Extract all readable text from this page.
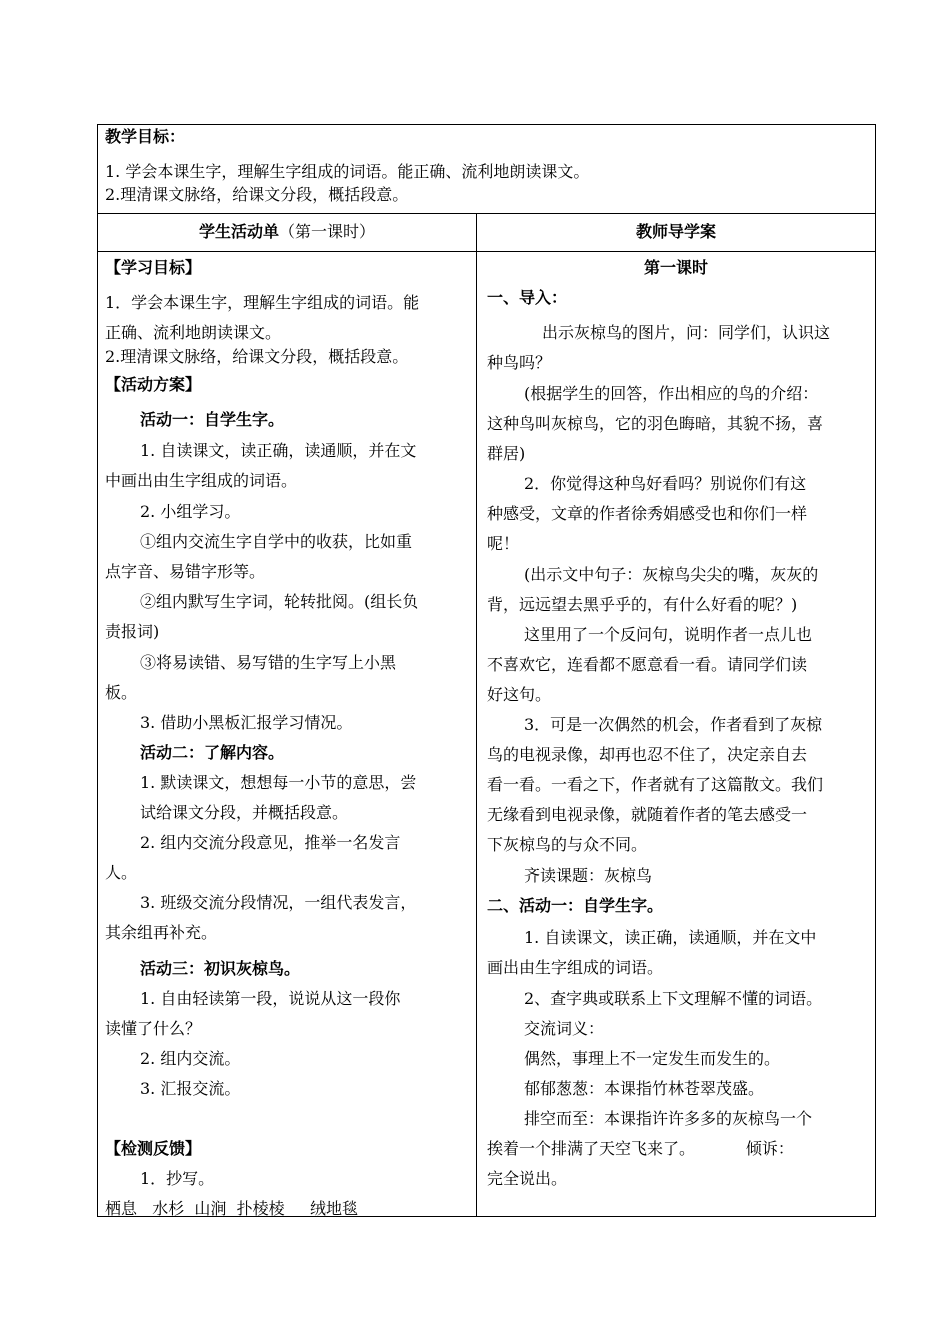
教学目标：
1. 学会本课生字，理解生字组成的词语。能正确、流利地朗读课文。
2.理清课文脉络，给课文分段，概括段意。
学生活动单（第一课时）	教师导学案
【学习目标】
1．学会本课生字，理解生字组成的词语。能
正确、流利地朗读课文。
2.理清课文脉络，给课文分段，概括段意。
【活动方案】
活动一：自学生字。
1. 自读课文，读正确，读通顺，并在文
中画出由生字组成的词语。
2. 小组学习。
①组内交流生字自学中的收获，比如重
点字音、易错字形等。
②组内默写生字词，轮转批阅。(组长负
责报词)
③将易读错、易写错的生字写上小黑
板。
3. 借助小黑板汇报学习情况。
活动二：了解内容。
1. 默读课文，想想每一小节的意思，尝
试给课文分段，并概括段意。
2. 组内交流分段意见，推举一名发言
人。
3. 班级交流分段情况，一组代表发言，
其余组再补充。
活动三：初识灰椋鸟。
1. 自由轻读第一段，说说从这一段你
读懂了什么？
2. 组内交流。
3. 汇报交流。
【检测反馈】
1．抄写。
栖息   水杉  山涧  扑棱棱     绒地毯
第一课时
一、导入：
出示灰椋鸟的图片，问：同学们，认识这
种鸟吗？
(根据学生的回答，作出相应的鸟的介绍：
这种鸟叫灰椋鸟，它的羽色晦暗，其貌不扬，喜
群居)
2．你觉得这种鸟好看吗？别说你们有这
种感受，文章的作者徐秀娟感受也和你们一样
呢！
(出示文中句子：灰椋鸟尖尖的嘴，灰灰的
背，远远望去黑乎乎的，有什么好看的呢？)
这里用了一个反问句，说明作者一点儿也
不喜欢它，连看都不愿意看一看。请同学们读
好这句。
3．可是一次偶然的机会，作者看到了灰椋
鸟的电视录像，却再也忍不住了，决定亲自去
看一看。一看之下，作者就有了这篇散文。我们
无缘看到电视录像，就随着作者的笔去感受一
下灰椋鸟的与众不同。
齐读课题：灰椋鸟
二、活动一：自学生字。
1. 自读课文，读正确，读通顺，并在文中
画出由生字组成的词语。
2、查字典或联系上下文理解不懂的词语。
交流词义：
偶然，事理上不一定发生而发生的。
郁郁葱葱：本课指竹林苍翠茂盛。
排空而至：本课指许许多多的灰椋鸟一个
挨着一个排满了天空飞来了。          倾诉：
完全说出。
